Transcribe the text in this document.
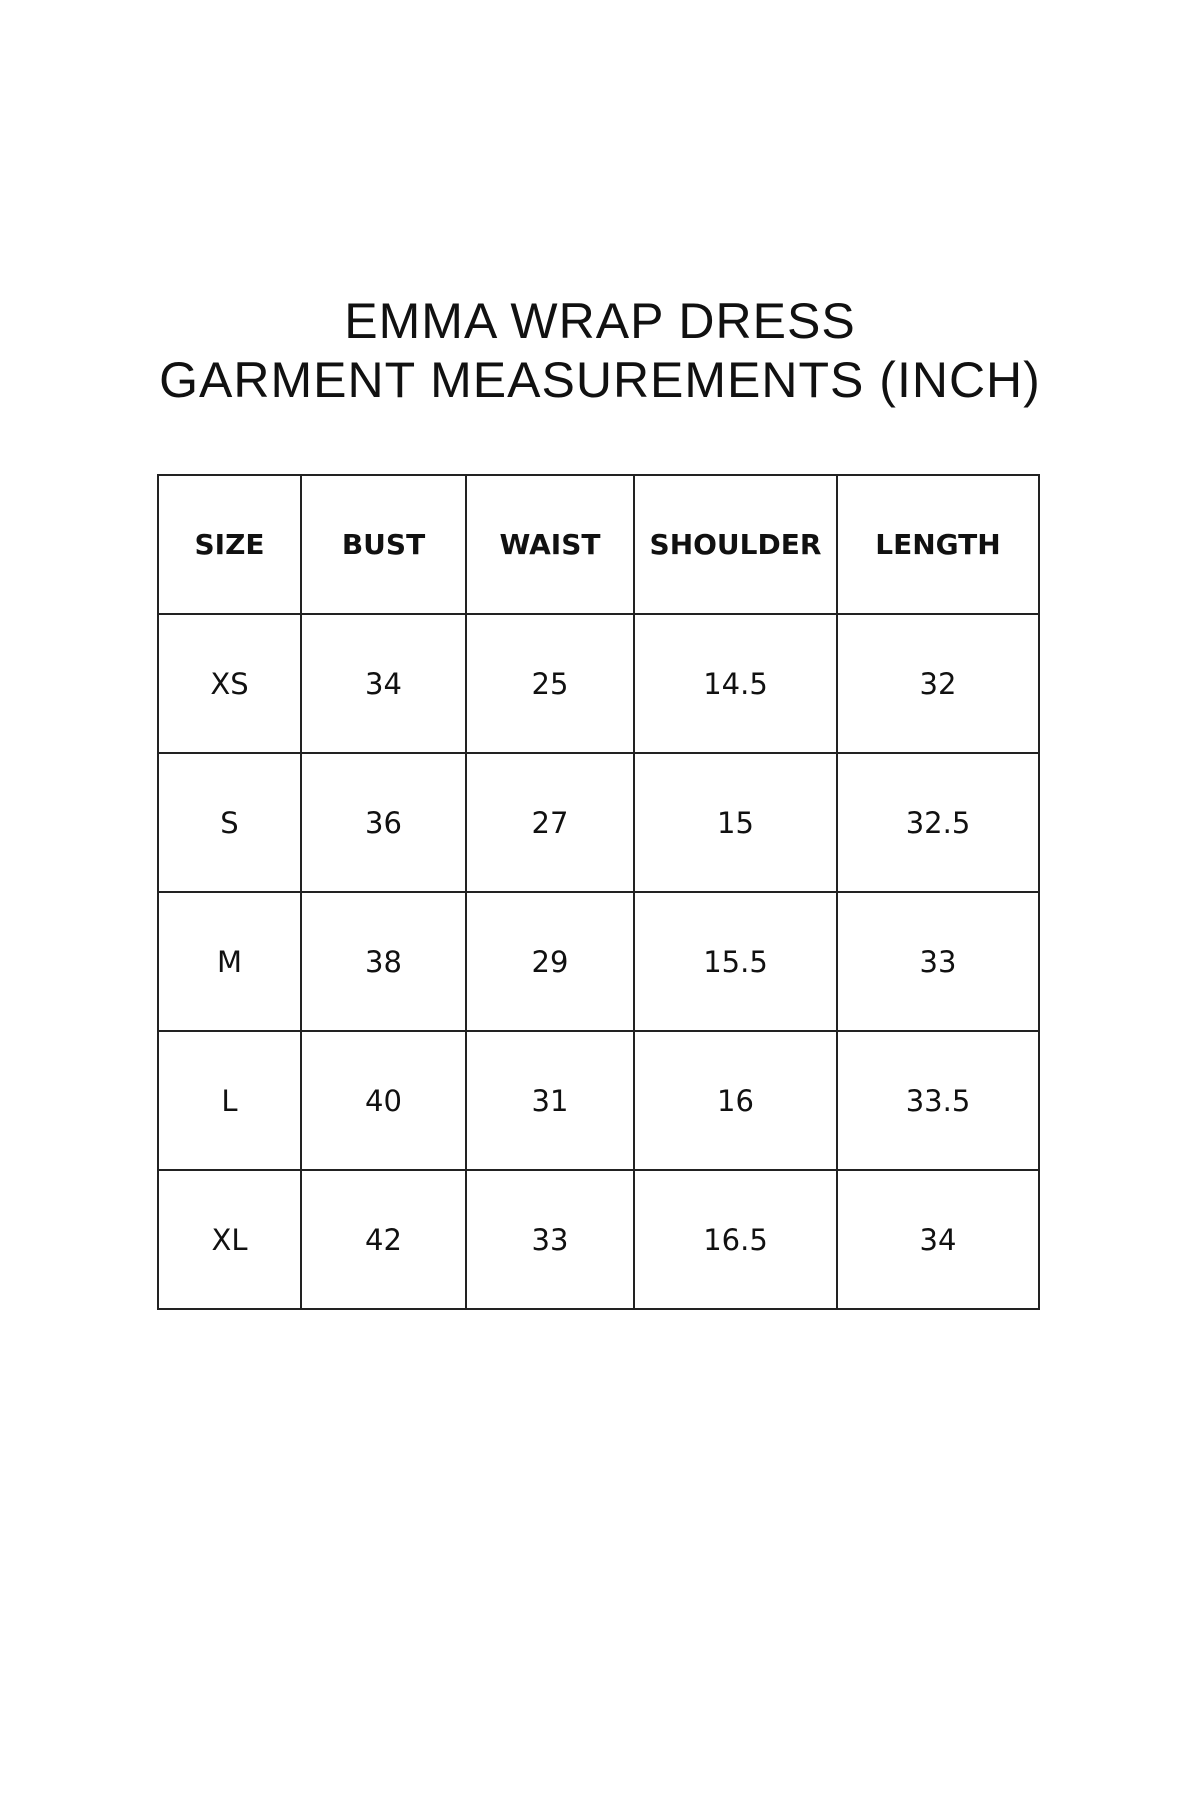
EMMA WRAP DRESS
GARMENT MEASUREMENTS (INCH)
SIZE	BUST	WAIST	SHOULDER	LENGTH
XS	34	25	14.5	32
S	36	27	15	32.5
M	38	29	15.5	33
L	40	31	16	33.5
XL	42	33	16.5	34
